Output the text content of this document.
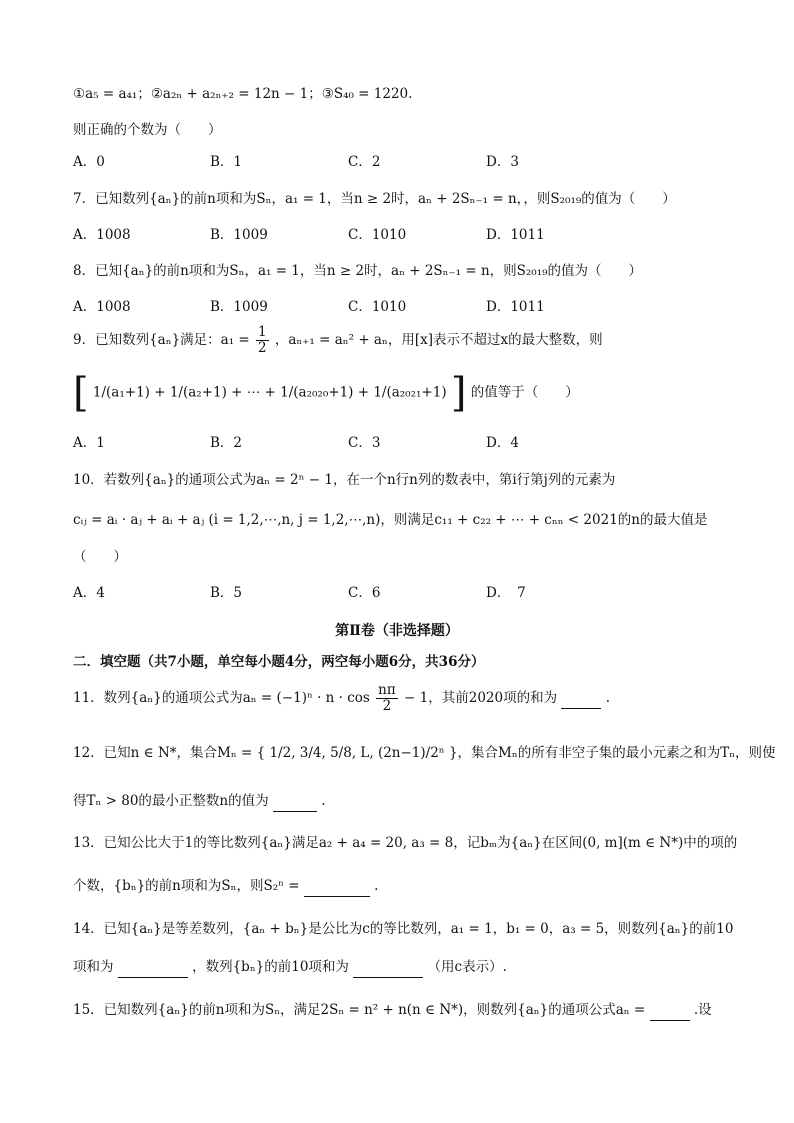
①a₅ = a₄₁；②a₂ₙ + a₂ₙ₊₂ = 12n − 1；③S₄₀ = 1220.
则正确的个数为（　　）
A．0	B．1	C．2	D．3
7．已知数列{aₙ}的前n项和为Sₙ，a₁ = 1，当n ≥ 2时，aₙ + 2Sₙ₋₁ = n，，则S₂₀₁₉的值为（　　）
A．1008	B．1009	C．1010	D．1011
8．已知{aₙ}的前n项和为Sₙ，a₁ = 1，当n ≥ 2时，aₙ + 2Sₙ₋₁ = n，则S₂₀₁₉的值为（　　）
A．1008	B．1009	C．1010	D．1011
9．已知数列{aₙ}满足：$a_1 = \frac{1}{2}$ ，aₙ₊₁ = aₙ² + aₙ，用[x]表示不超过x的最大整数，则
[ 1/(a₁+1) + 1/(a₂+1) + ⋯ + 1/(a₂₀₂₀+1) + 1/(a₂₀₂₁+1) ] 的值等于（　　）
A．1	B．2	C．3	D．4
10．若数列{aₙ}的通项公式为aₙ = 2ⁿ − 1，在一个n行n列的数表中，第i行第j列的元素为
cᵢⱼ = aᵢ · aⱼ + aᵢ + aⱼ (i = 1,2,⋯,n, j = 1,2,⋯,n)，则满足c₁₁ + c₂₂ + ⋯ + cₙₙ < 2021的n的最大值是
（　　）
A．4	B．5	C．6	D．　7
第Ⅱ卷（非选择题）
二．填空题（共7小题，单空每小题4分，两空每小题6分，共36分）
11．数列{aₙ}的通项公式为$a_n = (-1)^n \cdot n \cdot \cos \frac{n\pi}{2} - 1$，其前2020项的和为	.
12．已知n ∈ N*，集合Mₙ = { 1/2, 3/4, 5/8, L, (2n−1)/2ⁿ }，集合Mₙ的所有非空子集的最小元素之和为Tₙ，则使
得Tₙ > 80的最小正整数n的值为	.
13．已知公比大于1的等比数列{aₙ}满足a₂ + a₄ = 20, a₃ = 8，记bₘ为{aₙ}在区间(0, m](m ∈ N*)中的项的
个数，{bₙ}的前n项和为Sₙ，则S₂ⁿ =	.
14．已知{aₙ}是等差数列，{aₙ + bₙ}是公比为c的等比数列，a₁ = 1，b₁ = 0，a₃ = 5，则数列{aₙ}的前10
项和为	，数列{bₙ}的前10项和为	（用c表示）.
15．已知数列{aₙ}的前n项和为Sₙ，满足2Sₙ = n² + n(n ∈ N*)，则数列{aₙ}的通项公式aₙ =	.设
